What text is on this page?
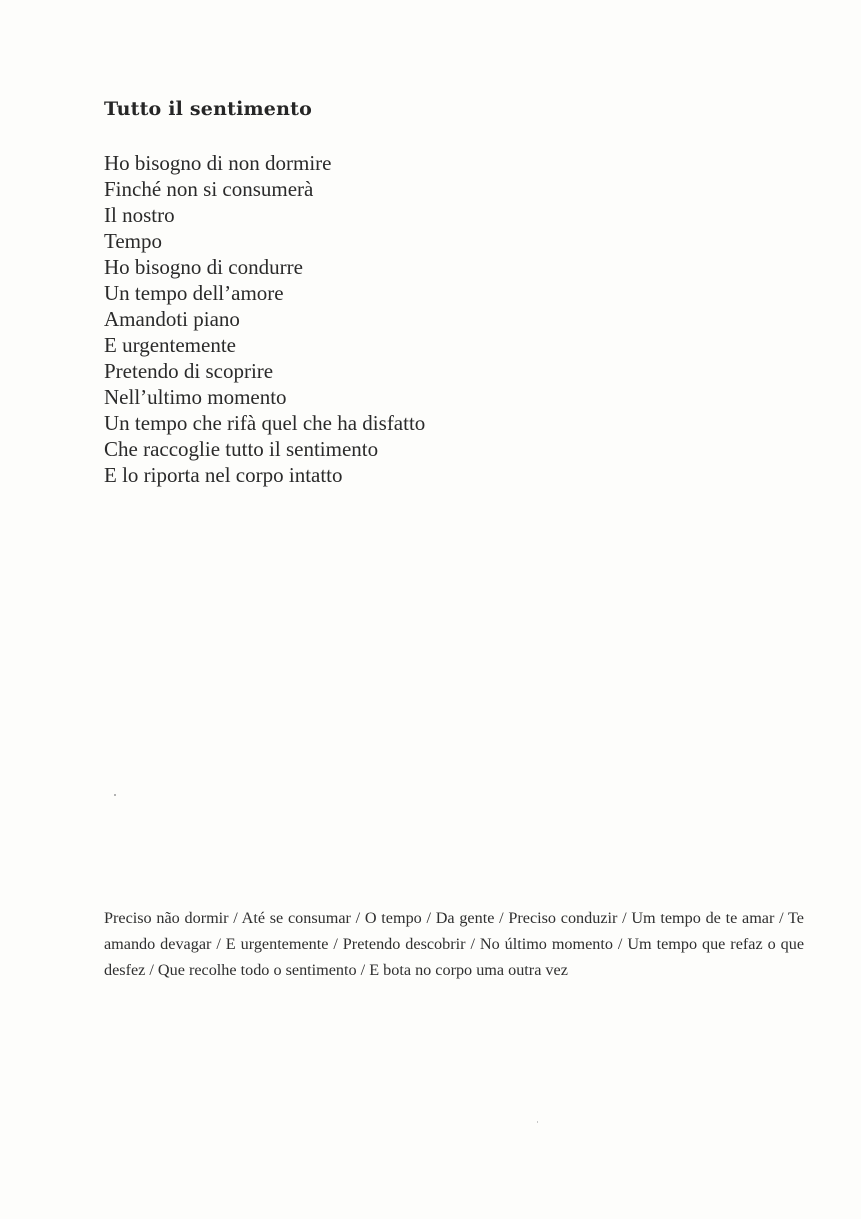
Tutto il sentimento
Ho bisogno di non dormire
Finché non si consumerà
Il nostro
Tempo
Ho bisogno di condurre
Un tempo dell’amore
Amandoti piano
E urgentemente
Pretendo di scoprire
Nell’ultimo momento
Un tempo che rifà quel che ha disfatto
Che raccoglie tutto il sentimento
E lo riporta nel corpo intatto

Preciso não dormir / Até se consumar / O tempo / Da gente / Preciso conduzir / Um tempo de te amar / Te amando devagar / E urgentemente / Pretendo descobrir / No último momento / Um tempo que refaz o que desfez / Que recolhe todo o sentimento / E bota no corpo uma outra vez
